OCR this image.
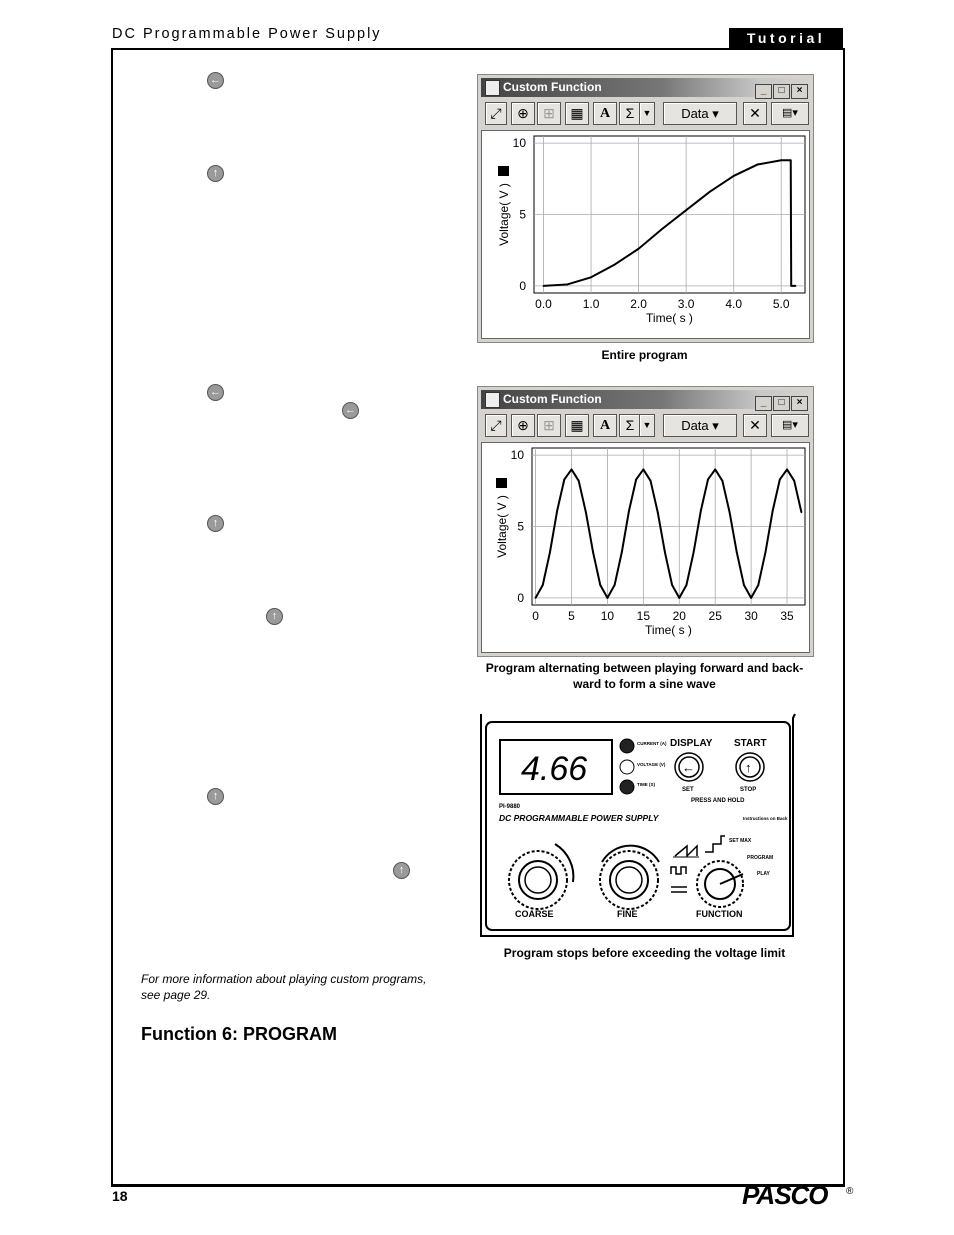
DC Programmable Power Supply	Tutorial
←
↑
←
←
↑
↑
↑
↑
Custom Function	_ □ ×
⤢	⊕	⊞	▦	A	Σ ▼	Data ▾	✕	▤▾
0.0	1.0	2.0	3.0	4.0	5.0
0
5
10
Time( s )
Voltage( V )
Entire program
Custom Function	_ □ ×
⤢	⊕	⊞	▦	A	Σ ▼	Data ▾	✕	▤▾
0 5 10 15 20 25 30 35
0
5
10
Time( s )
Voltage( V )
Program alternating between playing forward and back-
ward to form a sine wave
4.66
CURRENT (A)
VOLTAGE (V)
TIME (S)
DISPLAY START
←	↑
SET	STOP
PRESS AND HOLD
PI-9880
DC PROGRAMMABLE POWER SUPPLY	Instructions on Back
SET MAX
PROGRAM
PLAY
COARSE	FINE	FUNCTION
Program stops before exceeding the voltage limit
For more information about playing custom programs,
see page 29.
Function 6: PROGRAM
18	PASCO ®
